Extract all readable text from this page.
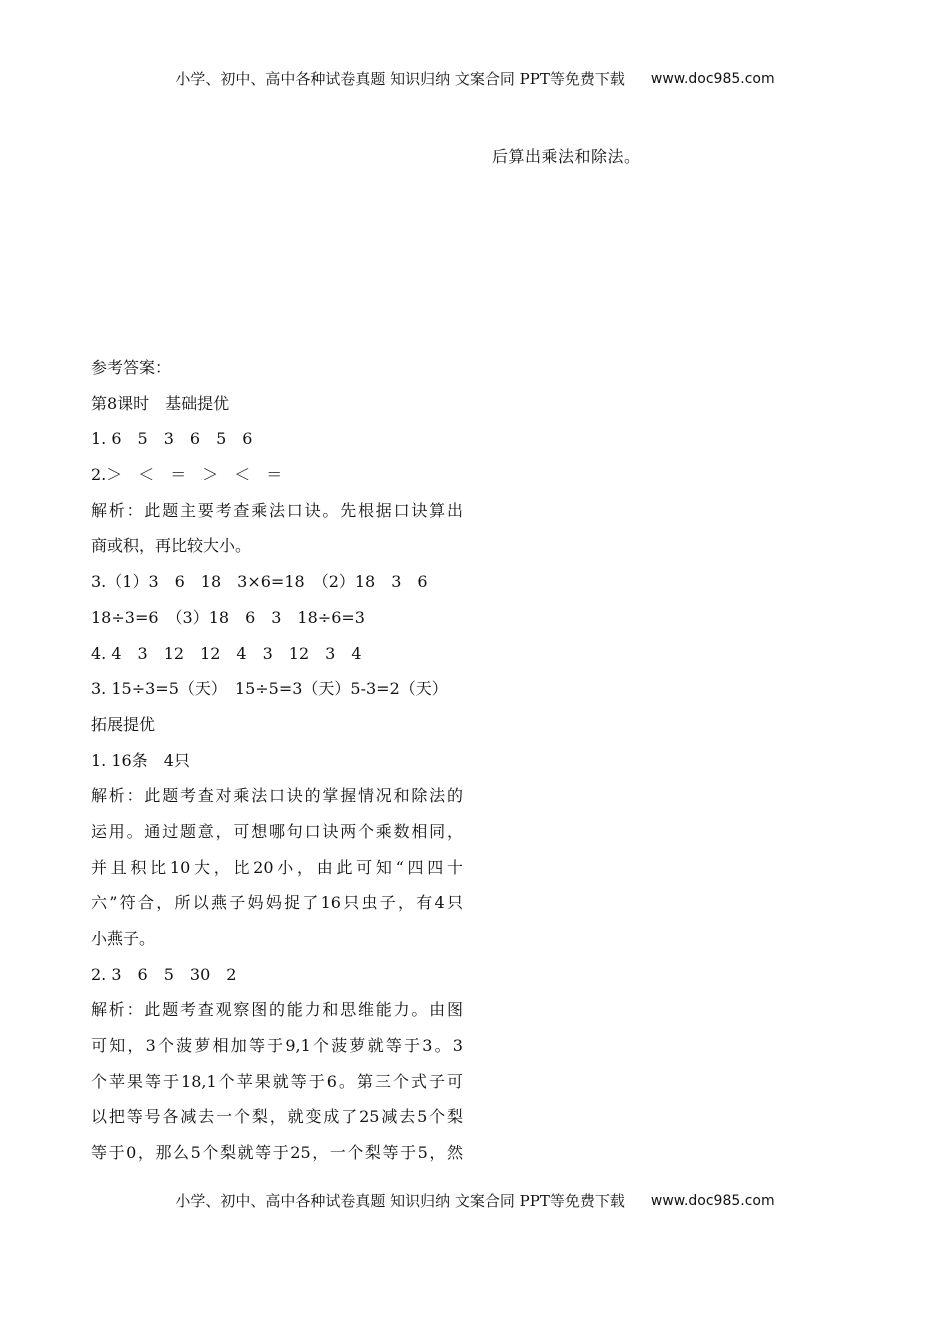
小学、初中、高中各种试卷真题 知识归纳 文案合同 PPT等免费下载 www.doc985.com
后算出乘法和除法。
参考答案：
第8课时　基础提优
1. 6　5　3　6　5　6
2.＞　＜　＝　＞　＜　＝
解析：此题主要考查乘法口诀。先根据口诀算出
商或积，再比较大小。
3.（1）3　6　18　3×6=18　（2）18　3　6
18÷3=6　（3）18　6　3　18÷6=3
4. 4　3　12　12　4　3　12　3　4
3. 15÷3=5（天）　15÷5=3（天）5-3=2（天）
拓展提优
1. 16条　4只
解析：此题考查对乘法口诀的掌握情况和除法的
运用。通过题意，可想哪句口诀两个乘数相同，
并且积比10大，比20小，由此可知“四四十
六”符合，所以燕子妈妈捉了16只虫子，有4只
小燕子。
2. 3　6　5　30　2
解析：此题考查观察图的能力和思维能力。由图
可知，3个菠萝相加等于9,1个菠萝就等于3。3
个苹果等于18,1个苹果就等于6。第三个式子可
以把等号各减去一个梨，就变成了25减去5个梨
等于0，那么5个梨就等于25，一个梨等于5，然
小学、初中、高中各种试卷真题 知识归纳 文案合同 PPT等免费下载 www.doc985.com
